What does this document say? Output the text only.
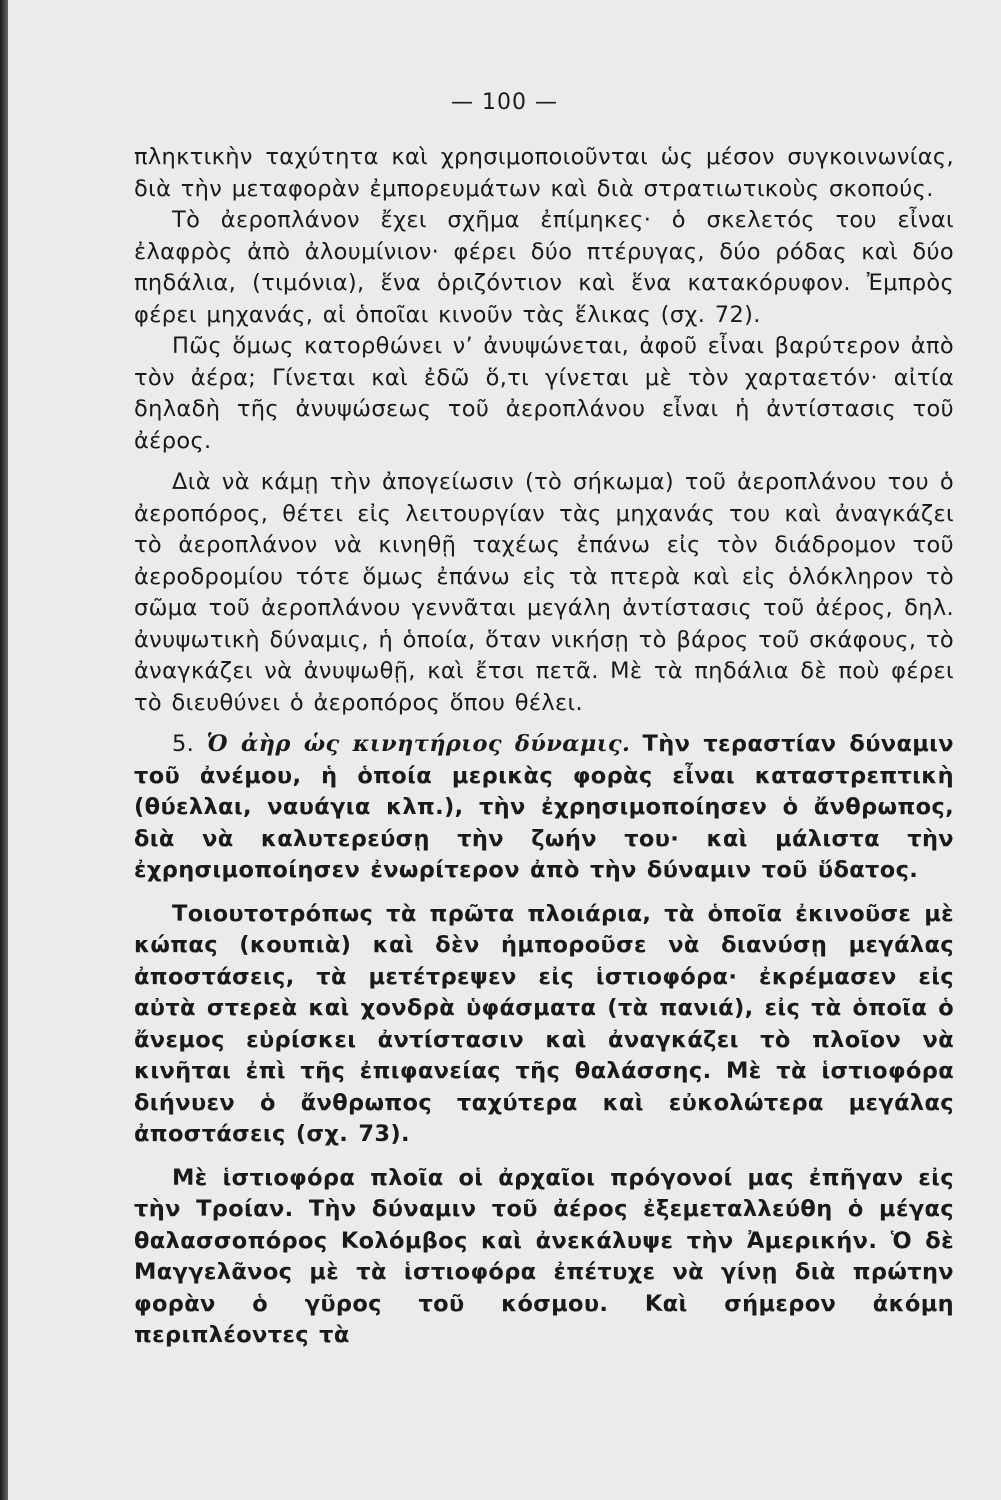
— 100 —

πληκτικὴν ταχύτητα καὶ χρησιμοποιοῦνται ὡς μέσον συγκοινωνίας, διὰ τὴν μεταφορὰν ἐμπορευμάτων καὶ διὰ στρατιωτικοὺς σκοπούς.

Τὸ ἀεροπλάνον ἔχει σχῆμα ἐπίμηκες· ὁ σκελετός του εἶναι ἐλαφρὸς ἀπὸ ἀλουμίνιον· φέρει δύο πτέρυγας, δύο ρόδας καὶ δύο πηδάλια, (τιμόνια), ἕνα ὁριζόντιον καὶ ἕνα κατακόρυφον. Ἐμπρὸς φέρει μηχανάς, αἱ ὁποῖαι κινοῦν τὰς ἕλικας (σχ. 72).

Πῶς ὅμως κατορθώνει ν’ ἀνυψώνεται, ἀφοῦ εἶναι βαρύτερον ἀπὸ τὸν ἀέρα; Γίνεται καὶ ἐδῶ ὅ,τι γίνεται μὲ τὸν χαρταετόν· αἰτία δηλαδὴ τῆς ἀνυψώσεως τοῦ ἀεροπλάνου εἶναι ἡ ἀντίστασις τοῦ ἀέρος.

Διὰ νὰ κάμῃ τὴν ἀπογείωσιν (τὸ σήκωμα) τοῦ ἀεροπλάνου του ὁ ἀεροπόρος, θέτει εἰς λειτουργίαν τὰς μηχανάς του καὶ ἀναγκάζει τὸ ἀεροπλάνον νὰ κινηθῇ ταχέως ἐπάνω εἰς τὸν διάδρομον τοῦ ἀεροδρομίου τότε ὅμως ἐπάνω εἰς τὰ πτερὰ καὶ εἰς ὁλόκληρον τὸ σῶμα τοῦ ἀεροπλάνου γεννᾶται μεγάλη ἀντίστασις τοῦ ἀέρος, δηλ. ἀνυψωτικὴ δύναμις, ἡ ὁποία, ὅταν νικήσῃ τὸ βάρος τοῦ σκάφους, τὸ ἀναγκάζει νὰ ἀνυψωθῇ, καὶ ἔτσι πετᾶ. Μὲ τὰ πηδάλια δὲ ποὺ φέρει τὸ διευθύνει ὁ ἀεροπόρος ὅπου θέλει.

5. Ὁ ἀὴρ ὡς κινητήριος δύναμις. Τὴν τεραστίαν δύναμιν τοῦ ἀνέμου, ἡ ὁποία μερικὰς φορὰς εἶναι καταστρεπτικὴ (θύελλαι, ναυάγια κλπ.), τὴν ἐχρησιμοποίησεν ὁ ἄνθρωπος, διὰ νὰ καλυτερεύσῃ τὴν ζωήν του· καὶ μάλιστα τὴν ἐχρησιμοποίησεν ἐνωρίτερον ἀπὸ τὴν δύναμιν τοῦ ὕδατος.

Τοιουτοτρόπως τὰ πρῶτα πλοιάρια, τὰ ὁποῖα ἐκινοῦσε μὲ κώπας (κουπιὰ) καὶ δὲν ἠμποροῦσε νὰ διανύσῃ μεγάλας ἀποστάσεις, τὰ μετέτρεψεν εἰς ἱστιοφόρα· ἐκρέμασεν εἰς αὐτὰ στερεὰ καὶ χονδρὰ ὑφάσματα (τὰ πανιά), εἰς τὰ ὁποῖα ὁ ἄνεμος εὑρίσκει ἀντίστασιν καὶ ἀναγκάζει τὸ πλοῖον νὰ κινῆται ἐπὶ τῆς ἐπιφανείας τῆς θαλάσσης. Μὲ τὰ ἱστιοφόρα διήνυεν ὁ ἄνθρωπος ταχύτερα καὶ εὐκολώτερα μεγάλας ἀποστάσεις (σχ. 73).

Μὲ ἱστιοφόρα πλοῖα οἱ ἀρχαῖοι πρόγονοί μας ἐπῆγαν εἰς τὴν Τροίαν. Τὴν δύναμιν τοῦ ἀέρος ἐξεμεταλλεύθη ὁ μέγας θαλασσοπόρος Κολόμβος καὶ ἀνεκάλυψε τὴν Ἀμερικήν. Ὁ δὲ Μαγγελᾶνος μὲ τὰ ἱστιοφόρα ἐπέτυχε νὰ γίνῃ διὰ πρώτην φορὰν ὁ γῦρος τοῦ κόσμου. Καὶ σήμερον ἀκόμη περιπλέοντες τὰ
